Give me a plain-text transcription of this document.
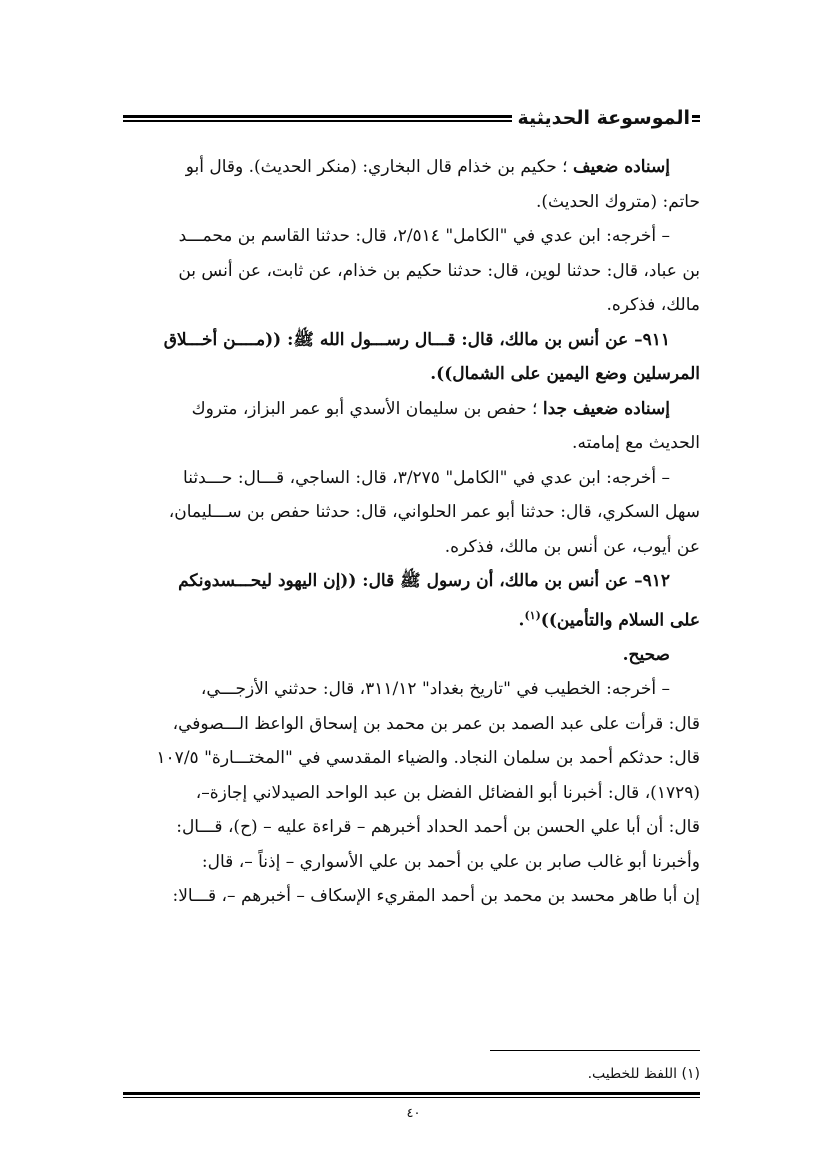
الموسوعة الحديثية

إسناده ضعيف ؛ حكيم بن خذام قال البخاري: (منكر الحديث). وقال أبو

حاتم: (متروك الحديث).

– أخرجه: ابن عدي في "الكامل" ٢/٥١٤، قال: حدثنا القاسم بن محمـــد

بن عباد، قال: حدثنا لوين، قال: حدثنا حكيم بن خذام، عن ثابت، عن أنس بن

مالك، فذكره.

٩١١– عن أنس بن مالك، قال: قـــال رســـول الله ﷺ: ((مــــن أخـــلاق

المرسلين وضع اليمين على الشمال)).

إسناده ضعيف جدا ؛ حفص بن سليمان الأسدي أبو عمر البزاز، متروك

الحديث مع إمامته.

– أخرجه: ابن عدي في "الكامل" ٣/٢٧٥، قال: الساجي، قـــال: حـــدثنا

سهل السكري، قال: حدثنا أبو عمر الحلواني، قال: حدثنا حفص بن ســـليمان،

عن أيوب، عن أنس بن مالك، فذكره.

٩١٢– عن أنس بن مالك، أن رسول ﷺ قال: ((إن اليهود ليحـــسدونكم

على السلام والتأمين))$^{(١)}$.

صحيح.

– أخرجه: الخطيب في "تاريخ بغداد" ٣١١/١٢، قال: حدثني الأزجـــي،

قال: قرأت على عبد الصمد بن عمر بن محمد بن إسحاق الواعظ الـــصوفي،

قال: حدثكم أحمد بن سلمان النجاد. والضياء المقدسي في "المختـــارة" ١٠٧/٥

(١٧٢٩)، قال: أخبرنا أبو الفضائل الفضل بن عبد الواحد الصيدلاني إجازة–،

قال: أن أبا علي الحسن بن أحمد الحداد أخبرهم – قراءة عليه – (ح)، قـــال:

وأخبرنا أبو غالب صابر بن علي بن أحمد بن علي الأسواري – إذناً –، قال:

إن أبا طاهر محسد بن محمد بن أحمد المقريء الإسكاف – أخبرهم –، قـــالا:

(١) اللفظ للخطيب.
٤٠
